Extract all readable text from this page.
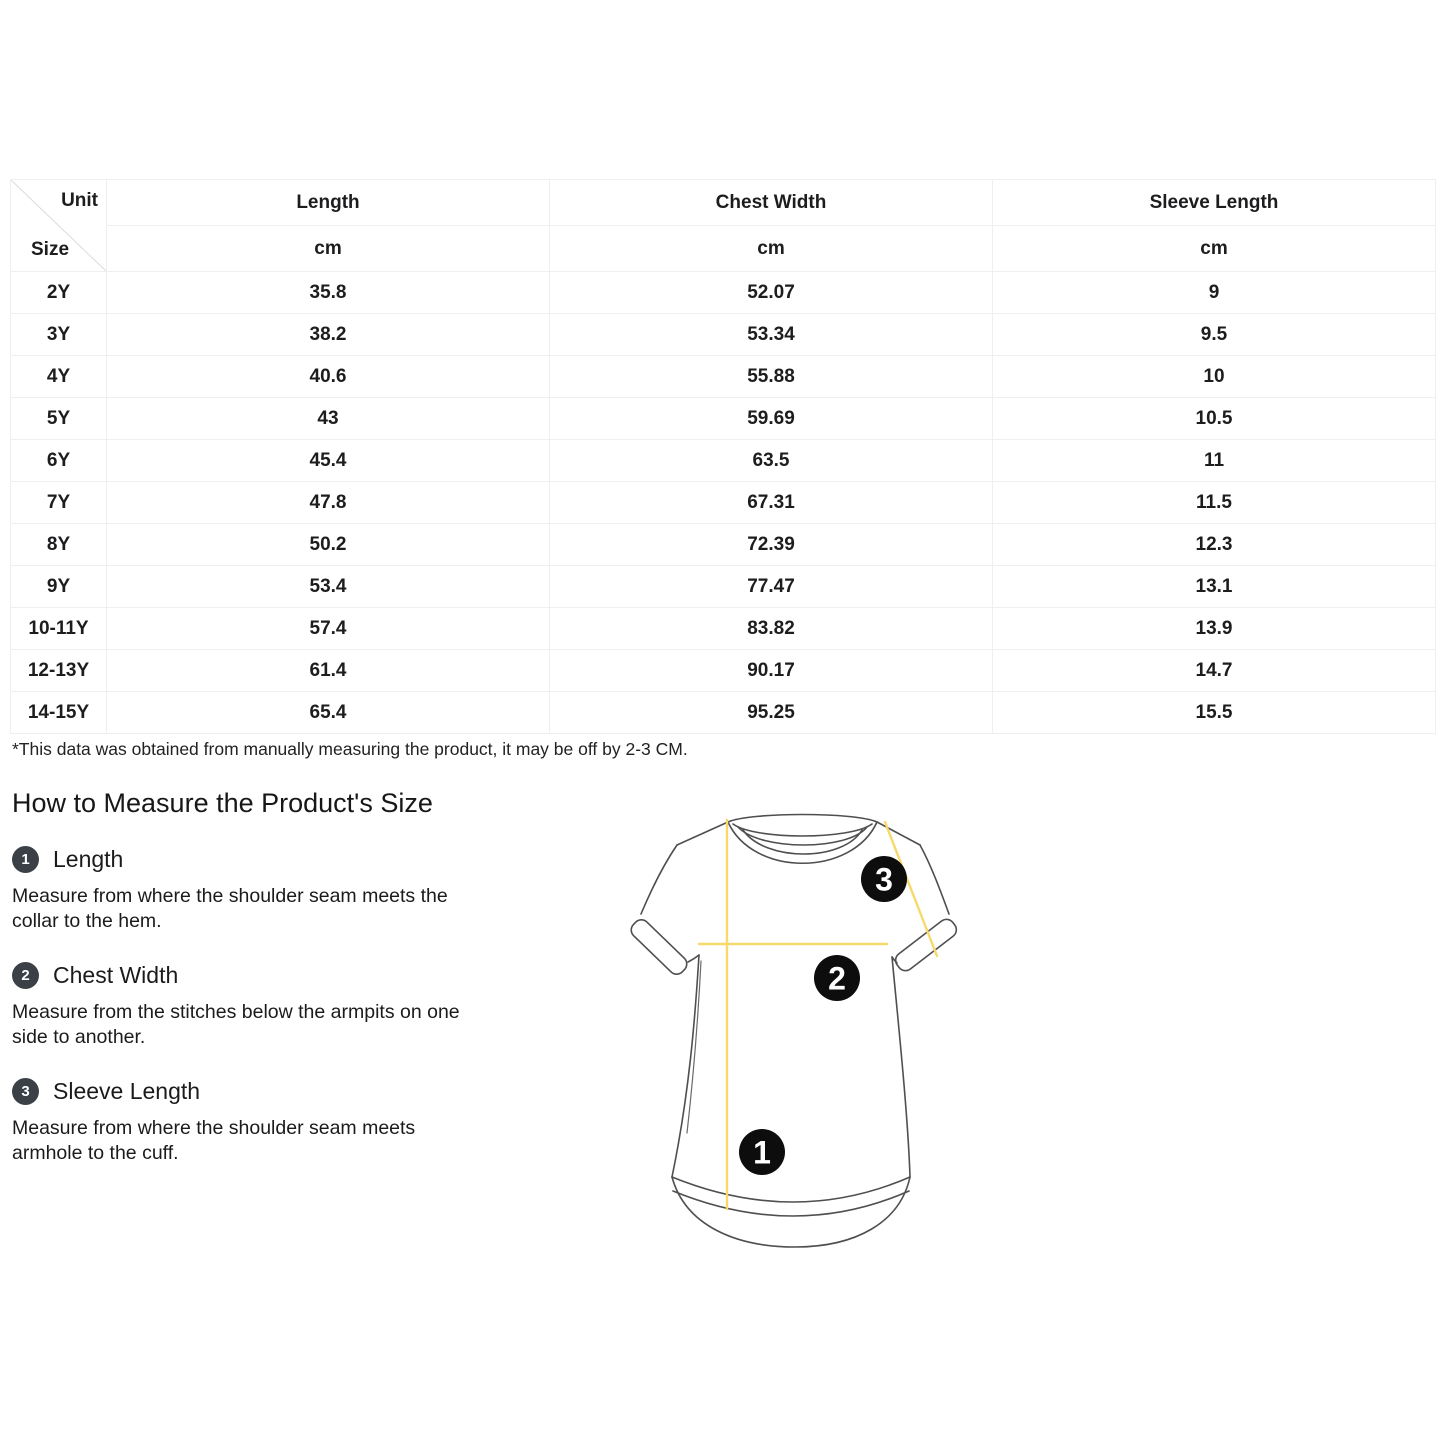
Unit
Size	Length	Chest Width	Sleeve Length
	cm	cm	cm
2Y	35.8	52.07	9
3Y	38.2	53.34	9.5
4Y	40.6	55.88	10
5Y	43	59.69	10.5
6Y	45.4	63.5	11
7Y	47.8	67.31	11.5
8Y	50.2	72.39	12.3
9Y	53.4	77.47	13.1
10-11Y	57.4	83.82	13.9
12-13Y	61.4	90.17	14.7
14-15Y	65.4	95.25	15.5

*This data was obtained from manually measuring the product, it may be off by 2-3 CM.

How to Measure the Product's Size
1	Length

Measure from where the shoulder seam meets the
collar to the hem.

2	Chest Width

Measure from the stitches below the armpits on one
side to another.

3	Sleeve Length

Measure from where the shoulder seam meets
armhole to the cuff.

3
2
1
